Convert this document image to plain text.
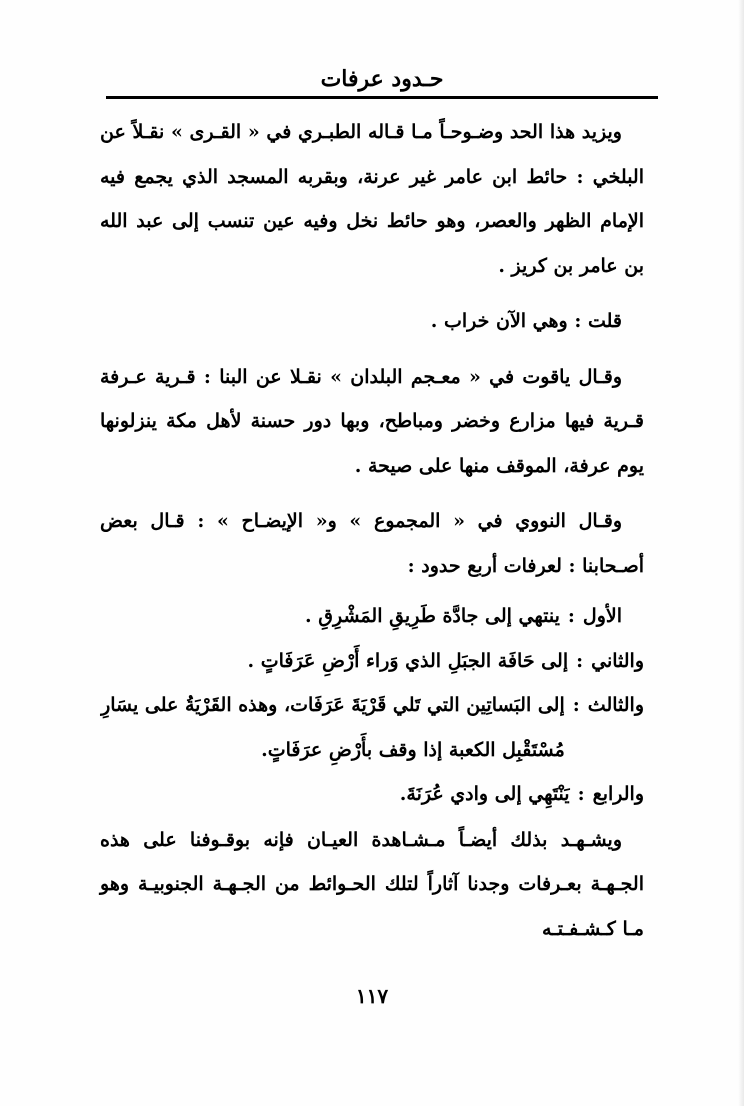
حـدود عرفات

ويزيد هذا الحد وضـوحـاً مـا قـاله الطبـري في « القـرى » نقـلاً عن البلخي : حائط ابن عامر غير عرنة، وبقربه المسجد الذي يجمع فيه الإمام الظهر والعصر، وهو حائط نخل وفيه عين تنسب إلى عبد الله بن عامر بن كريز .

قلت : وهي الآن خراب .

وقـال ياقوت في « معـجم البلدان » نقـلا عن البنا : قـرية عـرفة قـرية فيها مزارع وخضر ومباطح، وبها دور حسنة لأهل مكة ينزلونها يوم عرفة، الموقف منها على صيحة .

وقـال النووي في « المجموع » و« الإيضـاح » : قـال بعض أصـحابنا : لعرفات أربع حدود :

الأول
:
ينتهي إلى جادَّة طَرِيقِ المَشْرِقِ .
والثاني
:
إلى حَافَة الجبَلِ الذي وَراء أَرْضِ عَرَفَاتٍ .
والثالث
:
إلى البَساتِين التي تَلي قَرْيَةَ عَرَفَات، وهذه القَرْيَةُ على يسَارِ مُسْتَقْبِل الكعبة إذا وقف بأَرْضِ عرَفَاتٍ.
والرابع
:
يَنْتَهِي إلى وادي عُرَنَةَ.

ويشـهـد بذلك أيضـاً مـشـاهدة العيـان فإنه بوقـوفنا على هذه الجـهـة بعـرفات وجدنا آثاراً لتلك الحـوائط من الجـهـة الجنوبيـة وهو مـا كـشـفـتـه

١١٧
